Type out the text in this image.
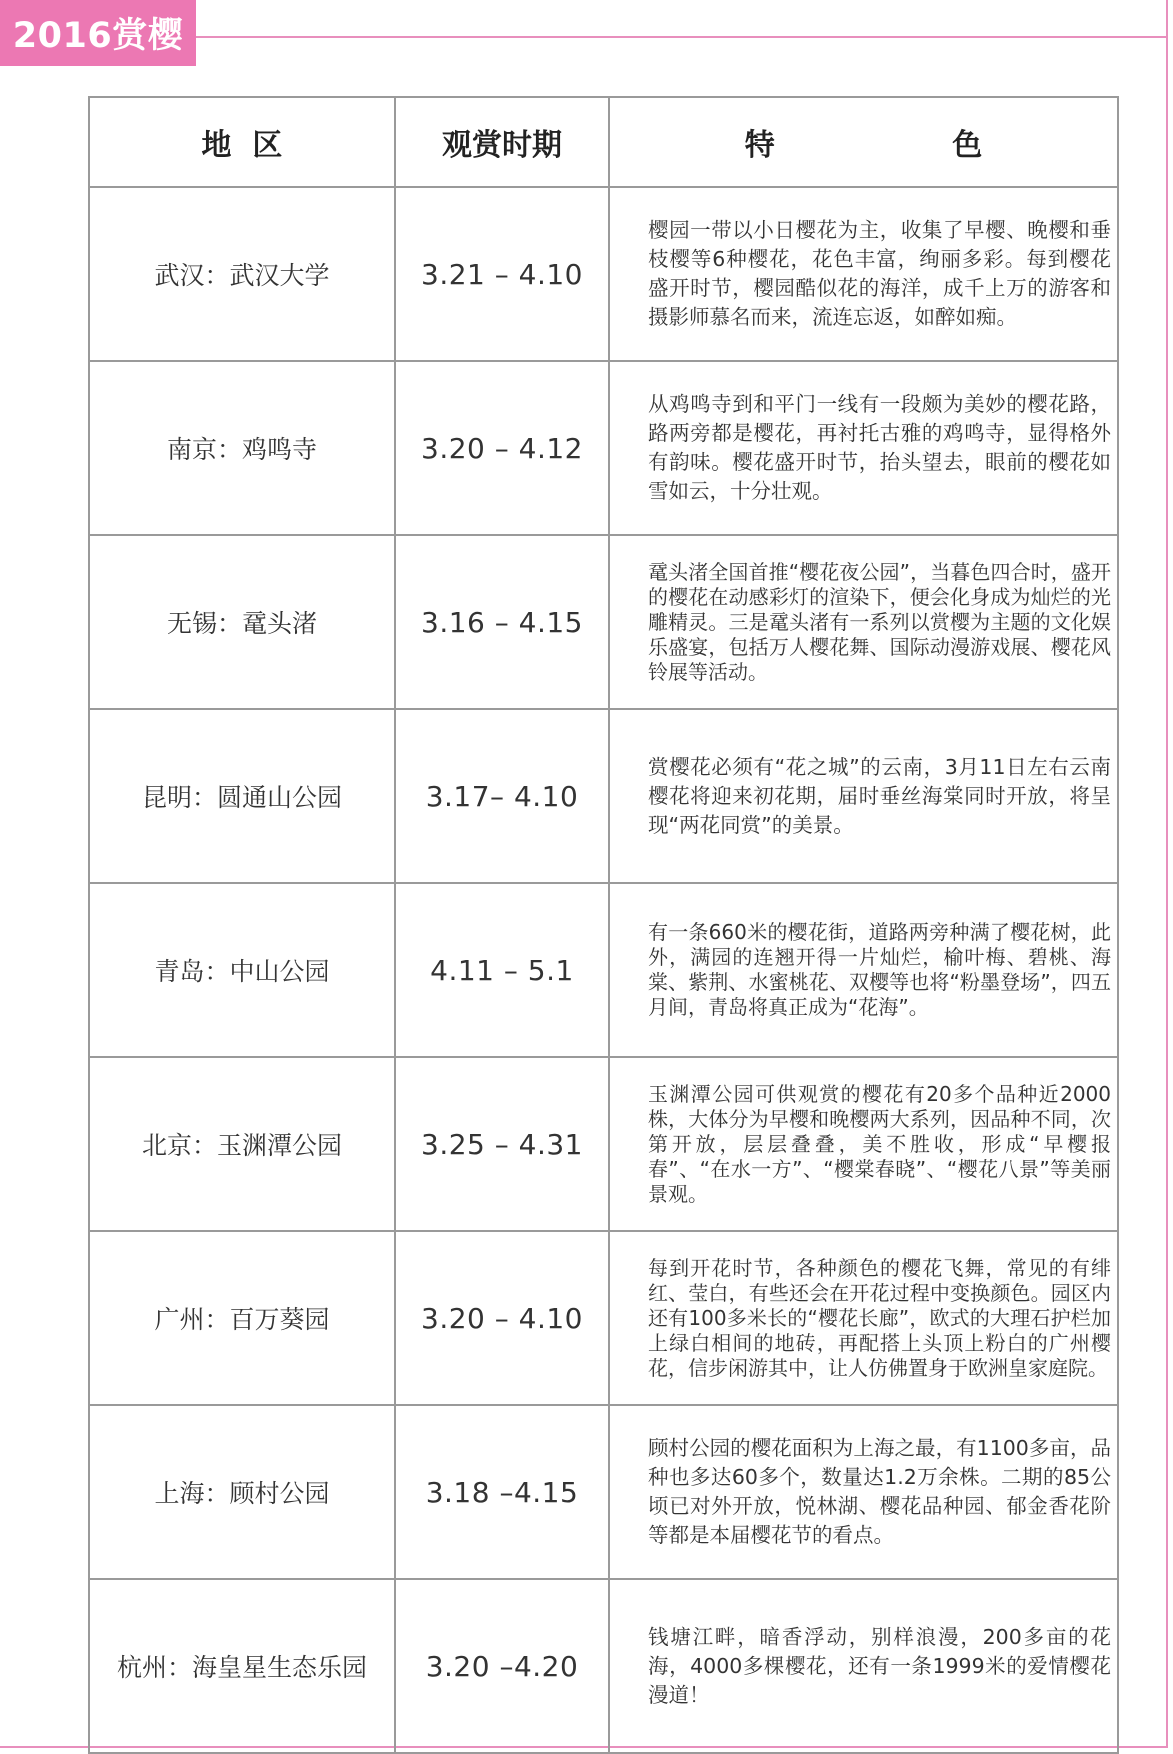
2016赏樱
地  区	观赏时期	特                 色
武汉：武汉大学	3.21 – 4.10	樱园一带以小日樱花为主，收集了早樱、晚樱和垂枝樱等6种樱花，花色丰富，绚丽多彩。每到樱花盛开时节，樱园酷似花的海洋，成千上万的游客和摄影师慕名而来，流连忘返，如醉如痴。
南京：鸡鸣寺	3.20 – 4.12	从鸡鸣寺到和平门一线有一段颇为美妙的樱花路，路两旁都是樱花，再衬托古雅的鸡鸣寺，显得格外有韵味。樱花盛开时节，抬头望去，眼前的樱花如雪如云，十分壮观。
无锡：鼋头渚	3.16 – 4.15	鼋头渚全国首推“樱花夜公园”，当暮色四合时，盛开的樱花在动感彩灯的渲染下，便会化身成为灿烂的光雕精灵。三是鼋头渚有一系列以赏樱为主题的文化娱乐盛宴，包括万人樱花舞、国际动漫游戏展、樱花风铃展等活动。
昆明：圆通山公园	3.17– 4.10	赏樱花必须有“花之城”的云南，3月11日左右云南樱花将迎来初花期，届时垂丝海棠同时开放，将呈现“两花同赏”的美景。
青岛：中山公园	4.11 – 5.1	有一条660米的樱花街，道路两旁种满了樱花树，此外，满园的连翘开得一片灿烂，榆叶梅、碧桃、海棠、紫荆、水蜜桃花、双樱等也将“粉墨登场”，四五月间，青岛将真正成为“花海”。
北京：玉渊潭公园	3.25 – 4.31	玉渊潭公园可供观赏的樱花有20多个品种近2000株，大体分为早樱和晚樱两大系列，因品种不同，次第开放，层层叠叠，美不胜收，形成“早樱报春”、“在水一方”、“樱棠春晓”、“樱花八景”等美丽景观。
广州：百万葵园	3.20 – 4.10	每到开花时节，各种颜色的樱花飞舞，常见的有绯红、莹白，有些还会在开花过程中变换颜色。园区内还有100多米长的“樱花长廊”，欧式的大理石护栏加上绿白相间的地砖，再配搭上头顶上粉白的广州樱花，信步闲游其中，让人仿佛置身于欧洲皇家庭院。
上海：顾村公园	3.18 –4.15	顾村公园的樱花面积为上海之最，有1100多亩，品种也多达60多个，数量达1.2万余株。二期的85公顷已对外开放，悦林湖、樱花品种园、郁金香花阶等都是本届樱花节的看点。
杭州：海皇星生态乐园	3.20 –4.20	钱塘江畔，暗香浮动，别样浪漫，200多亩的花海，4000多棵樱花，还有一条1999米的爱情樱花漫道！
